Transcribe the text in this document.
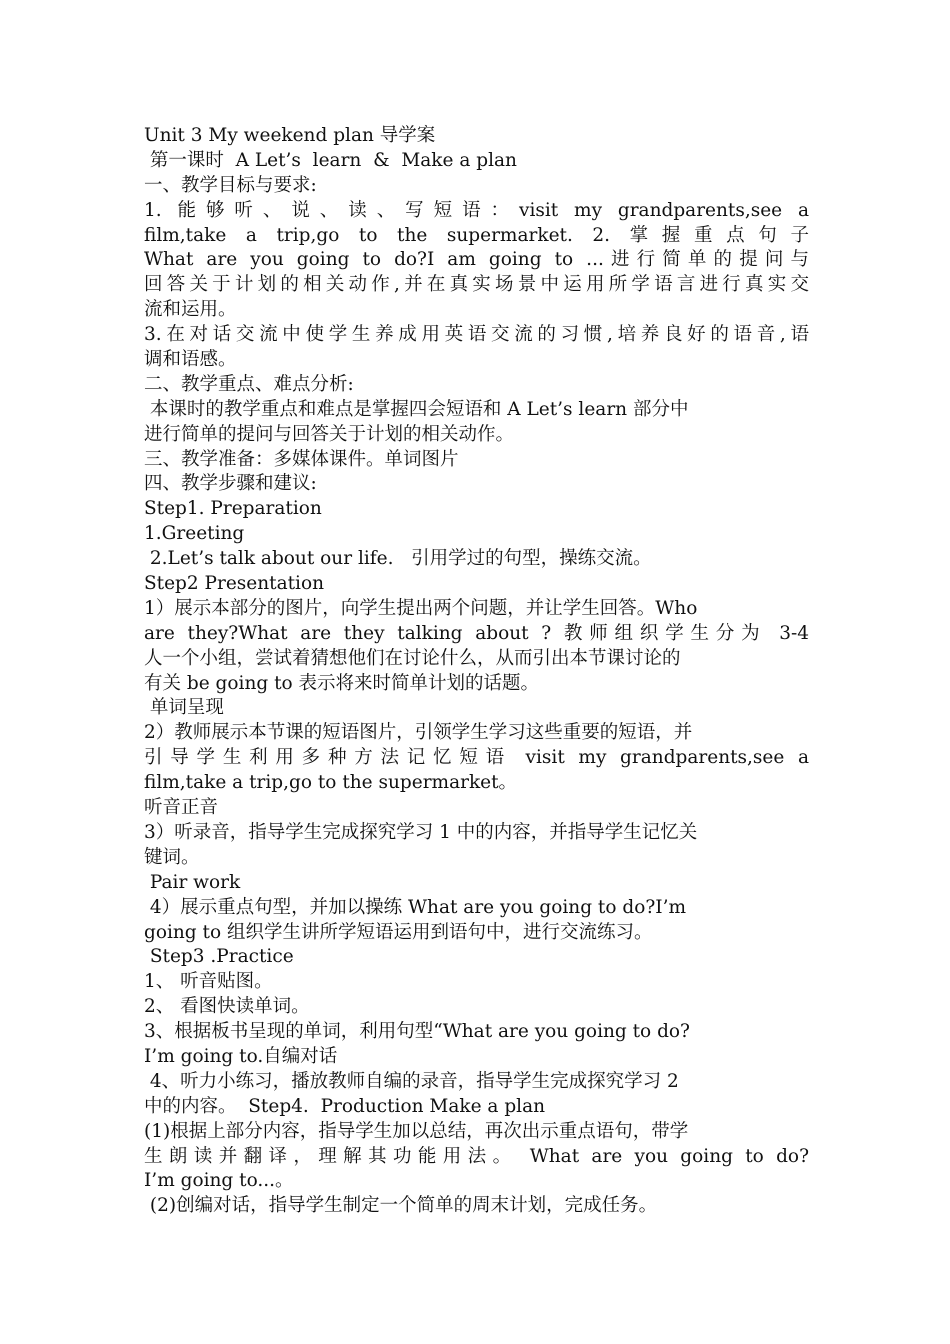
Unit 3 My weekend plan 导学案
第一课时  A Let’s  learn  &  Make a plan
一、教学目标与要求:
1. 能够听、说、读、写短语：visit my grandparents,see a
film,take a trip,go to the supermarket. 2. 掌握重点句子
What are you going to do?I am going to ...进行简单的提问与
回答关于计划的相关动作,并在真实场景中运用所学语言进行真实交
流和运用。
3.在对话交流中使学生养成用英语交流的习惯,培养良好的语音,语
调和语感。
二、教学重点、难点分析:
本课时的教学重点和难点是掌握四会短语和 A Let’s learn 部分中
进行简单的提问与回答关于计划的相关动作。
三、教学准备：多媒体课件。单词图片
四、教学步骤和建议:
Step1. Preparation
1.Greeting
2.Let’s talk about our life.   引用学过的句型，操练交流。
Step2 Presentation
1）展示本部分的图片，向学生提出两个问题，并让学生回答。Who
are they?What are they talking about ? 教师组织学生分为 3-4
人一个小组，尝试着猜想他们在讨论什么，从而引出本节课讨论的
有关 be going to 表示将来时简单计划的话题。
单词呈现
2）教师展示本节课的短语图片，引领学生学习这些重要的短语，并
引导学生利用多种方法记忆短语 visit my grandparents,see a
film,take a trip,go to the supermarket。
听音正音
3）听录音，指导学生完成探究学习 1 中的内容，并指导学生记忆关
键词。
Pair work
4）展示重点句型，并加以操练 What are you going to do?I’m
going to 组织学生讲所学短语运用到语句中，进行交流练习。
Step3 .Practice
1、 听音贴图。
2、 看图快读单词。
3、根据板书呈现的单词，利用句型“What are you going to do?
I’m going to.自编对话
4、听力小练习，播放教师自编的录音，指导学生完成探究学习 2
中的内容。  Step4.  Production Make a plan
(1)根据上部分内容，指导学生加以总结，再次出示重点语句，带学
生朗读并翻译，理解其功能用法。 What are you going to do?
I’m going to...。
(2)创编对话，指导学生制定一个简单的周末计划，完成任务。
